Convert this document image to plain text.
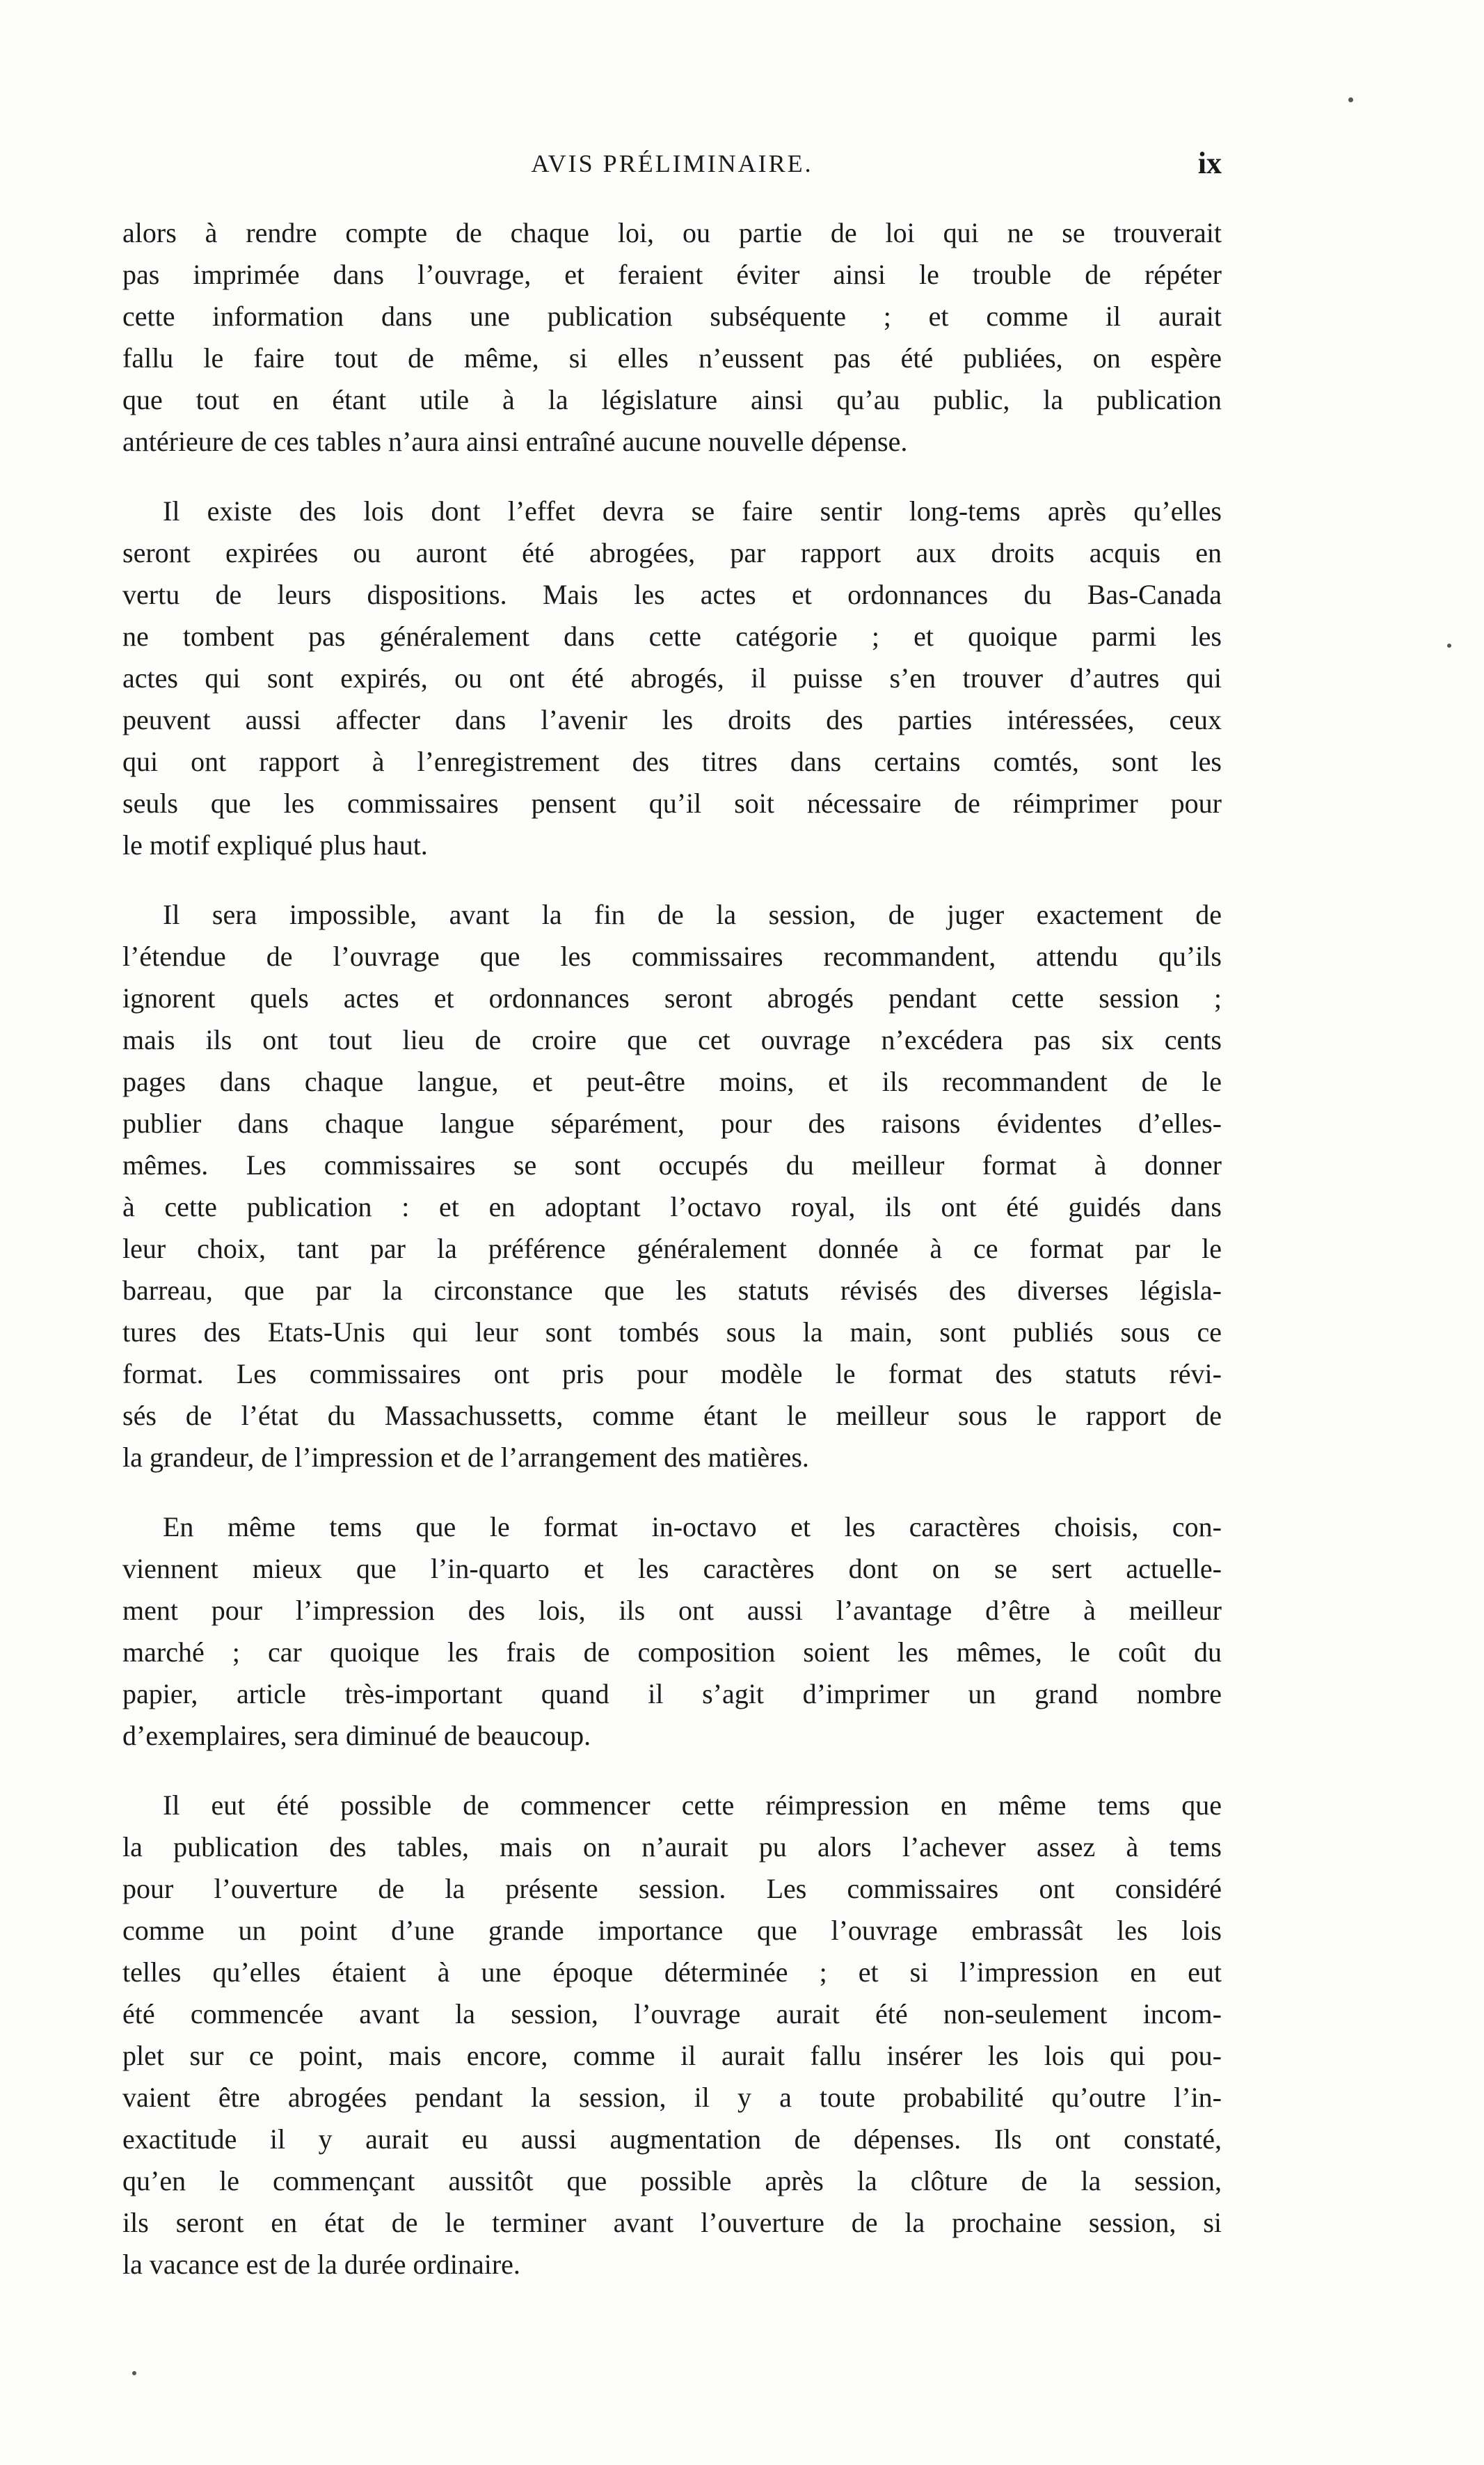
AVIS PRÉLIMINAIRE.	ix

alors à rendre compte de chaque loi, ou partie de loi qui ne se trouverait
pas imprimée dans l’ouvrage, et feraient éviter ainsi le trouble de répéter
cette information dans une publication subséquente ; et comme il aurait
fallu le faire tout de même, si elles n’eussent pas été publiées, on espère
que tout en étant utile à la législature ainsi qu’au public, la publication
antérieure de ces tables n’aura ainsi entraîné aucune nouvelle dépense.

Il existe des lois dont l’effet devra se faire sentir long-tems après qu’elles
seront expirées ou auront été abrogées, par rapport aux droits acquis en
vertu de leurs dispositions. Mais les actes et ordonnances du Bas-Canada
ne tombent pas généralement dans cette catégorie ; et quoique parmi les
actes qui sont expirés, ou ont été abrogés, il puisse s’en trouver d’autres qui
peuvent aussi affecter dans l’avenir les droits des parties intéressées, ceux
qui ont rapport à l’enregistrement des titres dans certains comtés, sont les
seuls que les commissaires pensent qu’il soit nécessaire de réimprimer pour
le motif expliqué plus haut.

Il sera impossible, avant la fin de la session, de juger exactement de
l’étendue de l’ouvrage que les commissaires recommandent, attendu qu’ils
ignorent quels actes et ordonnances seront abrogés pendant cette session ;
mais ils ont tout lieu de croire que cet ouvrage n’excédera pas six cents
pages dans chaque langue, et peut-être moins, et ils recommandent de le
publier dans chaque langue séparément, pour des raisons évidentes d’elles-
mêmes. Les commissaires se sont occupés du meilleur format à donner
à cette publication : et en adoptant l’octavo royal, ils ont été guidés dans
leur choix, tant par la préférence généralement donnée à ce format par le
barreau, que par la circonstance que les statuts révisés des diverses législa-
tures des Etats-Unis qui leur sont tombés sous la main, sont publiés sous ce
format. Les commissaires ont pris pour modèle le format des statuts révi-
sés de l’état du Massachussetts, comme étant le meilleur sous le rapport de
la grandeur, de l’impression et de l’arrangement des matières.

En même tems que le format in-octavo et les caractères choisis, con-
viennent mieux que l’in-quarto et les caractères dont on se sert actuelle-
ment pour l’impression des lois, ils ont aussi l’avantage d’être à meilleur
marché ; car quoique les frais de composition soient les mêmes, le coût du
papier, article très-important quand il s’agit d’imprimer un grand nombre
d’exemplaires, sera diminué de beaucoup.

Il eut été possible de commencer cette réimpression en même tems que
la publication des tables, mais on n’aurait pu alors l’achever assez à tems
pour l’ouverture de la présente session. Les commissaires ont considéré
comme un point d’une grande importance que l’ouvrage embrassât les lois
telles qu’elles étaient à une époque déterminée ; et si l’impression en eut
été commencée avant la session, l’ouvrage aurait été non-seulement incom-
plet sur ce point, mais encore, comme il aurait fallu insérer les lois qui pou-
vaient être abrogées pendant la session, il y a toute probabilité qu’outre l’in-
exactitude il y aurait eu aussi augmentation de dépenses. Ils ont constaté,
qu’en le commençant aussitôt que possible après la clôture de la session,
ils seront en état de le terminer avant l’ouverture de la prochaine session, si
la vacance est de la durée ordinaire.
